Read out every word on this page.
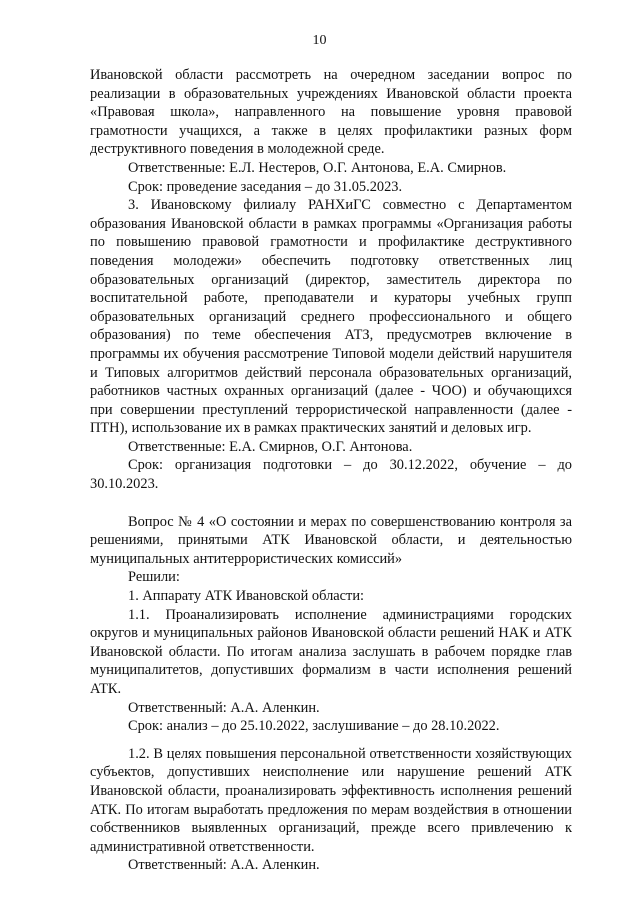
10

Ивановской области рассмотреть на очередном заседании вопрос по реализации в образовательных учреждениях Ивановской области проекта «Правовая школа», направленного на повышение уровня правовой грамотности учащихся, а также в целях профилактики разных форм деструктивного поведения в молодежной среде.

Ответственные: Е.Л. Нестеров, О.Г. Антонова, Е.А. Смирнов.

Срок: проведение заседания – до 31.05.2023.

3. Ивановскому филиалу РАНХиГС совместно с Департаментом образования Ивановской области в рамках программы «Организация работы по повышению правовой грамотности и профилактике деструктивного поведения молодежи» обеспечить подготовку ответственных лиц образовательных организаций (директор, заместитель директора по воспитательной работе, преподаватели и кураторы учебных групп образовательных организаций среднего профессионального и общего образования) по теме обеспечения АТЗ, предусмотрев включение в программы их обучения рассмотрение Типовой модели действий нарушителя и Типовых алгоритмов действий персонала образовательных организаций, работников частных охранных организаций (далее - ЧОО) и обучающихся при совершении преступлений террористической направленности (далее - ПТН), использование их в рамках практических занятий и деловых игр.

Ответственные: Е.А. Смирнов, О.Г. Антонова.

Срок: организация подготовки – до 30.12.2022, обучение – до 30.10.2023.

Вопрос № 4 «О состоянии и мерах по совершенствованию контроля за решениями, принятыми АТК Ивановской области, и деятельностью муниципальных антитеррористических комиссий»

Решили:

1. Аппарату АТК Ивановской области:

1.1. Проанализировать исполнение администрациями городских округов и муниципальных районов Ивановской области решений НАК и АТК Ивановской области. По итогам анализа заслушать в рабочем порядке глав муниципалитетов, допустивших формализм в части исполнения решений АТК.

Ответственный: А.А. Аленкин.

Срок: анализ – до 25.10.2022, заслушивание – до 28.10.2022.

1.2. В целях повышения персональной ответственности хозяйствующих субъектов, допустивших неисполнение или нарушение решений АТК Ивановской области, проанализировать эффективность исполнения решений АТК. По итогам выработать предложения по мерам воздействия в отношении собственников выявленных организаций, прежде всего привлечению к административной ответственности.

Ответственный: А.А. Аленкин.
